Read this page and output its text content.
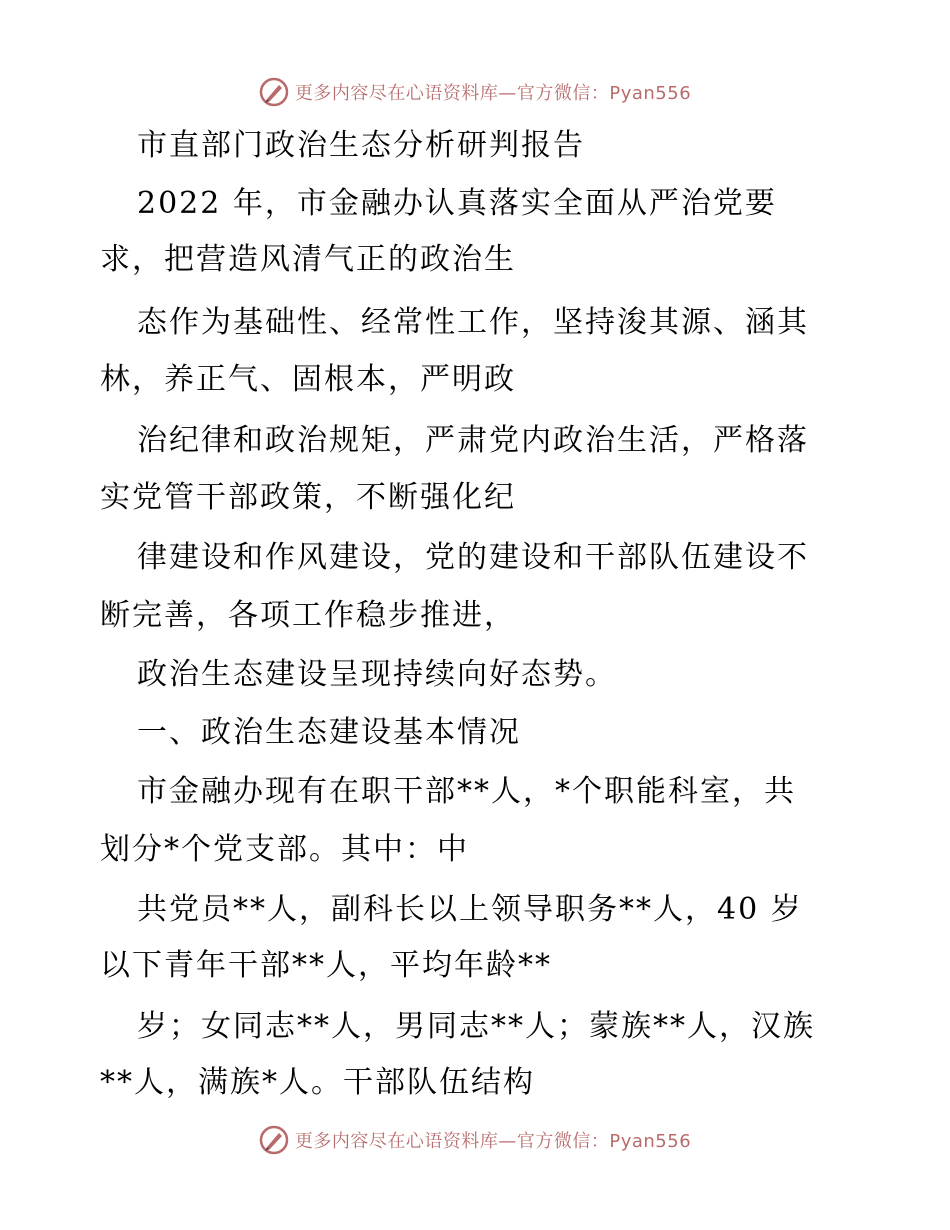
更多内容尽在心语资料库—官方微信：Pyan556
市直部门政治生态分析研判报告
2022 年，市金融办认真落实全面从严治党要
求，把营造风清气正的政治生
态作为基础性、经常性工作，坚持浚其源、涵其
林，养正气、固根本，严明政
治纪律和政治规矩，严肃党内政治生活，严格落
实党管干部政策，不断强化纪
律建设和作风建设，党的建设和干部队伍建设不
断完善，各项工作稳步推进，
政治生态建设呈现持续向好态势。
一、政治生态建设基本情况
市金融办现有在职干部**人，*个职能科室，共
划分*个党支部。其中：中
共党员**人，副科长以上领导职务**人，40 岁
以下青年干部**人，平均年龄**
岁；女同志**人，男同志**人；蒙族**人，汉族
**人，满族*人。干部队伍结构
更多内容尽在心语资料库—官方微信：Pyan556
